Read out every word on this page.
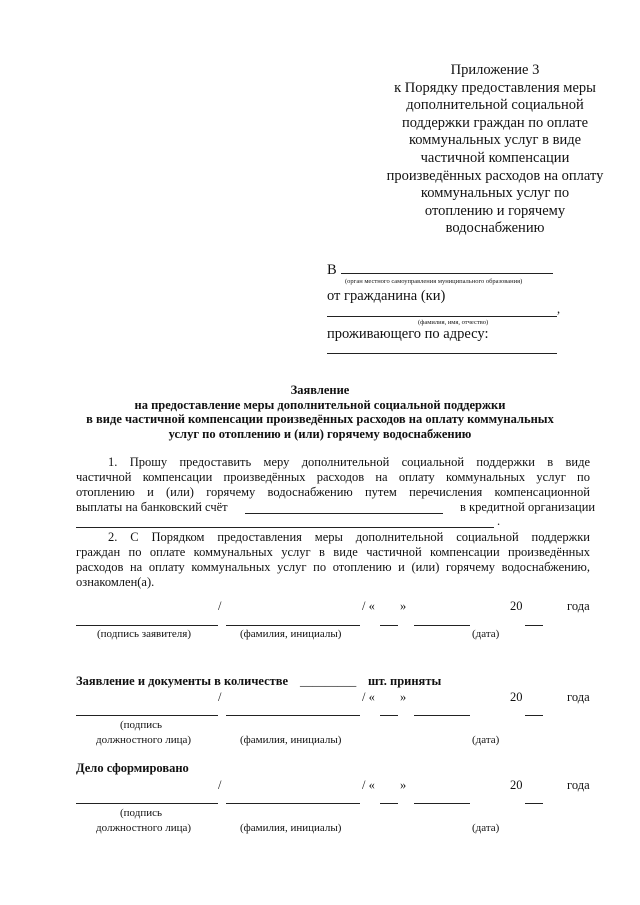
Приложение 3
к Порядку предоставления меры
дополнительной социальной
поддержки граждан по оплате
коммунальных услуг в виде
частичной компенсации
произведённых расходов на оплату
коммунальных услуг по
отоплению и горячему
водоснабжению
В
(орган местного самоуправления муниципального образования)
от гражданина (ки)
,
(фамилия, имя, отчество)
проживающего по адресу:
Заявление
на предоставление меры дополнительной социальной поддержки
в виде частичной компенсации произведённых расходов на оплату коммунальных
услуг по отоплению и (или) горячему водоснабжению
1. Прошу предоставить меру дополнительной социальной поддержки в виде
частичной компенсации произведённых расходов на оплату коммунальных услуг по
отоплению и (или) горячему водоснабжению путем перечисления компенсационной
выплаты на банковский счёт	в кредитной организации
.
2. С Порядком предоставления меры дополнительной социальной поддержки
граждан по оплате коммунальных услуг в виде частичной компенсации произведённых
расходов на оплату коммунальных услуг по отоплению и (или) горячему водоснабжению,
ознакомлен(а).
/	/ « »	20	года
(подпись заявителя)	(фамилия, инициалы)	(дата)
Заявление и документы в количестве _________ шт. приняты
/	/ « »	20	года
(подпись
должностного лица)	(фамилия, инициалы)	(дата)
Дело сформировано
/	/ « »	20	года
(подпись
должностного лица)	(фамилия, инициалы)	(дата)
